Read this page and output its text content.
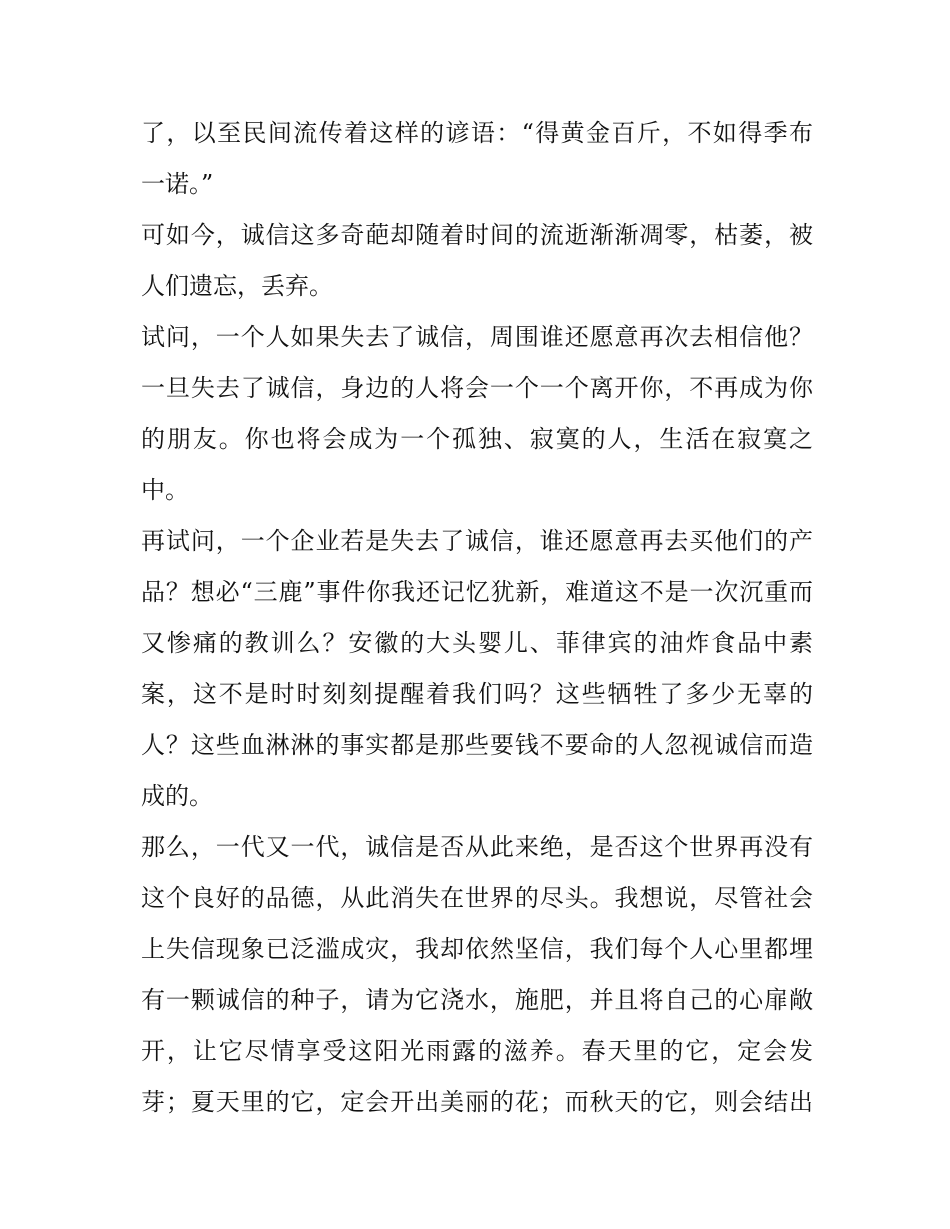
了，以至民间流传着这样的谚语：“得黄金百斤，不如得季布
一诺。”
可如今，诚信这多奇葩却随着时间的流逝渐渐凋零，枯萎，被
人们遗忘，丢弃。
试问，一个人如果失去了诚信，周围谁还愿意再次去相信他？
一旦失去了诚信，身边的人将会一个一个离开你，不再成为你
的朋友。你也将会成为一个孤独、寂寞的人，生活在寂寞之
中。
再试问，一个企业若是失去了诚信，谁还愿意再去买他们的产
品？想必“三鹿”事件你我还记忆犹新，难道这不是一次沉重而
又惨痛的教训么？安徽的大头婴儿、菲律宾的油炸食品中素
案，这不是时时刻刻提醒着我们吗？这些牺牲了多少无辜的
人？这些血淋淋的事实都是那些要钱不要命的人忽视诚信而造
成的。
那么，一代又一代，诚信是否从此来绝，是否这个世界再没有
这个良好的品德，从此消失在世界的尽头。我想说，尽管社会
上失信现象已泛滥成灾，我却依然坚信，我们每个人心里都埋
有一颗诚信的种子，请为它浇水，施肥，并且将自己的心扉敞
开，让它尽情享受这阳光雨露的滋养。春天里的它，定会发
芽；夏天里的它，定会开出美丽的花；而秋天的它，则会结出
